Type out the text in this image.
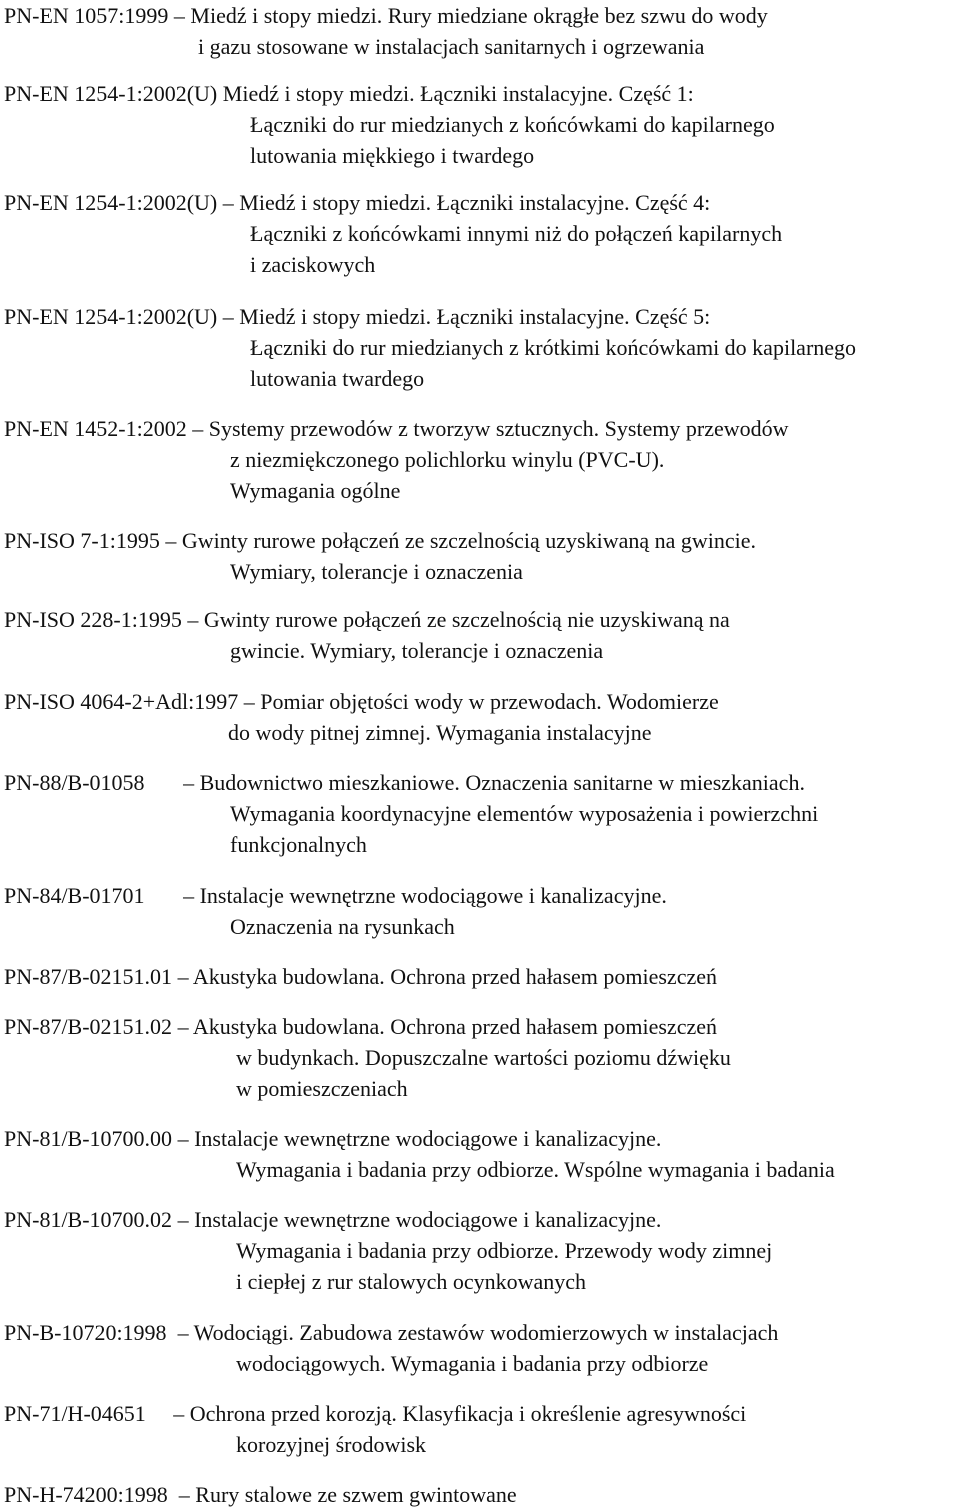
PN-EN 1057:1999 – Miedź i stopy miedzi. Rury miedziane okrągłe bez szwu do wody
i gazu stosowane w instalacjach sanitarnych i ogrzewania
PN-EN 1254-1:2002(U) Miedź i stopy miedzi. Łączniki instalacyjne. Część 1:
Łączniki do rur miedzianych z końcówkami do kapilarnego
lutowania miękkiego i twardego
PN-EN 1254-1:2002(U) – Miedź i stopy miedzi. Łączniki instalacyjne. Część 4:
Łączniki z końcówkami innymi niż do połączeń kapilarnych
i zaciskowych
PN-EN 1254-1:2002(U) – Miedź i stopy miedzi. Łączniki instalacyjne. Część 5:
Łączniki do rur miedzianych z krótkimi końcówkami do kapilarnego
lutowania twardego
PN-EN 1452-1:2002 – Systemy przewodów z tworzyw sztucznych. Systemy przewodów
z niezmiękczonego polichlorku winylu (PVC-U).
Wymagania ogólne
PN-ISO 7-1:1995 – Gwinty rurowe połączeń ze szczelnością uzyskiwaną na gwincie.
Wymiary, tolerancje i oznaczenia
PN-ISO 228-1:1995 – Gwinty rurowe połączeń ze szczelnością nie uzyskiwaną na
gwincie. Wymiary, tolerancje i oznaczenia
PN-ISO 4064-2+Adl:1997 – Pomiar objętości wody w przewodach. Wodomierze
do wody pitnej zimnej. Wymagania instalacyjne
PN-88/B-01058 – Budownictwo mieszkaniowe. Oznaczenia sanitarne w mieszkaniach.
Wymagania koordynacyjne elementów wyposażenia i powierzchni
funkcjonalnych
PN-84/B-01701 – Instalacje wewnętrzne wodociągowe i kanalizacyjne.
Oznaczenia na rysunkach
PN-87/B-02151.01 – Akustyka budowlana. Ochrona przed hałasem pomieszczeń
PN-87/B-02151.02 – Akustyka budowlana. Ochrona przed hałasem pomieszczeń
w budynkach. Dopuszczalne wartości poziomu dźwięku
w pomieszczeniach
PN-81/B-10700.00 – Instalacje wewnętrzne wodociągowe i kanalizacyjne.
Wymagania i badania przy odbiorze. Wspólne wymagania i badania
PN-81/B-10700.02 – Instalacje wewnętrzne wodociągowe i kanalizacyjne.
Wymagania i badania przy odbiorze. Przewody wody zimnej
i ciepłej z rur stalowych ocynkowanych
PN-B-10720:1998 – Wodociągi. Zabudowa zestawów wodomierzowych w instalacjach
wodociągowych. Wymagania i badania przy odbiorze
PN-71/H-04651 – Ochrona przed korozją. Klasyfikacja i określenie agresywności
korozyjnej środowisk
PN-H-74200:1998 – Rury stalowe ze szwem gwintowane
